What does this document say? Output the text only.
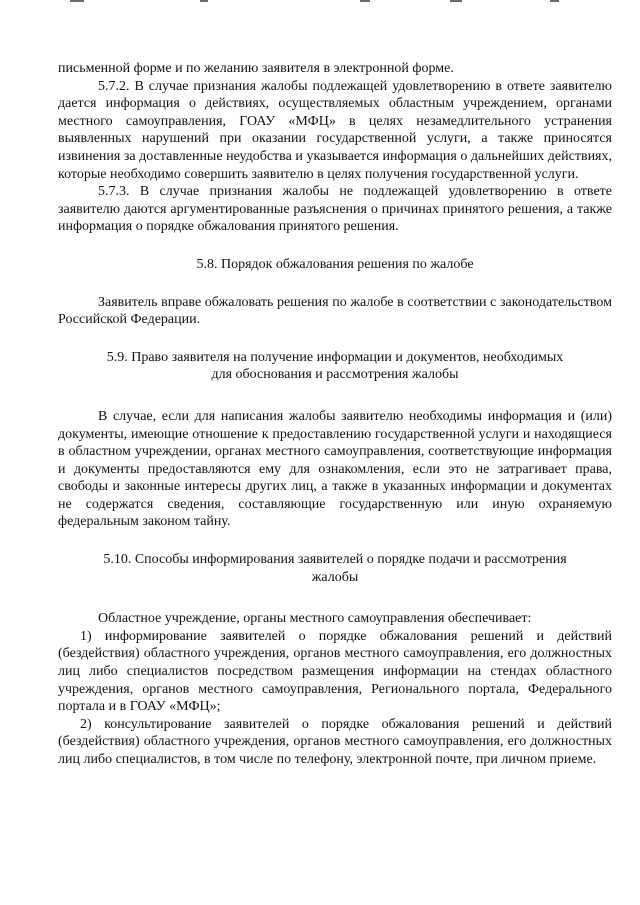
письменной форме и по желанию заявителя в электронной форме.

5.7.2. В случае признания жалобы подлежащей удовлетворению в ответе заявителю дается информация о действиях, осуществляемых областным учреждением, органами местного самоуправления, ГОАУ «МФЦ» в целях незамедлительного устранения выявленных нарушений при оказании государственной услуги, а также приносятся извинения за доставленные неудобства и указывается информация о дальнейших действиях, которые необходимо совершить заявителю в целях получения государственной услуги.

5.7.3. В случае признания жалобы не подлежащей удовлетворению в ответе заявителю даются аргументированные разъяснения о причинах принятого решения, а также информация о порядке обжалования принятого решения.

5.8. Порядок обжалования решения по жалобе

Заявитель вправе обжаловать решения по жалобе в соответствии с законодательством Российской Федерации.

5.9. Право заявителя на получение информации и документов, необходимых
для обоснования и рассмотрения жалобы

В случае, если для написания жалобы заявителю необходимы информация и (или) документы, имеющие отношение к предоставлению государственной услуги и находящиеся в областном учреждении, органах местного самоуправления, соответствующие информация и документы предоставляются ему для ознакомления, если это не затрагивает права, свободы и законные интересы других лиц, а также в указанных информации и документах не содержатся сведения, составляющие государственную или иную охраняемую федеральным законом тайну.

5.10. Способы информирования заявителей о порядке подачи и рассмотрения
жалобы

Областное учреждение, органы местного самоуправления обеспечивает:

1) информирование заявителей о порядке обжалования решений и действий (бездействия) областного учреждения, органов местного самоуправления, его должностных лиц либо специалистов посредством размещения информации на стендах областного учреждения, органов местного самоуправления, Регионального портала, Федерального портала и в ГОАУ «МФЦ»;

2) консультирование заявителей о порядке обжалования решений и действий (бездействия) областного учреждения, органов местного самоуправления, его должностных лиц либо специалистов, в том числе по телефону, электронной почте, при личном приеме.
